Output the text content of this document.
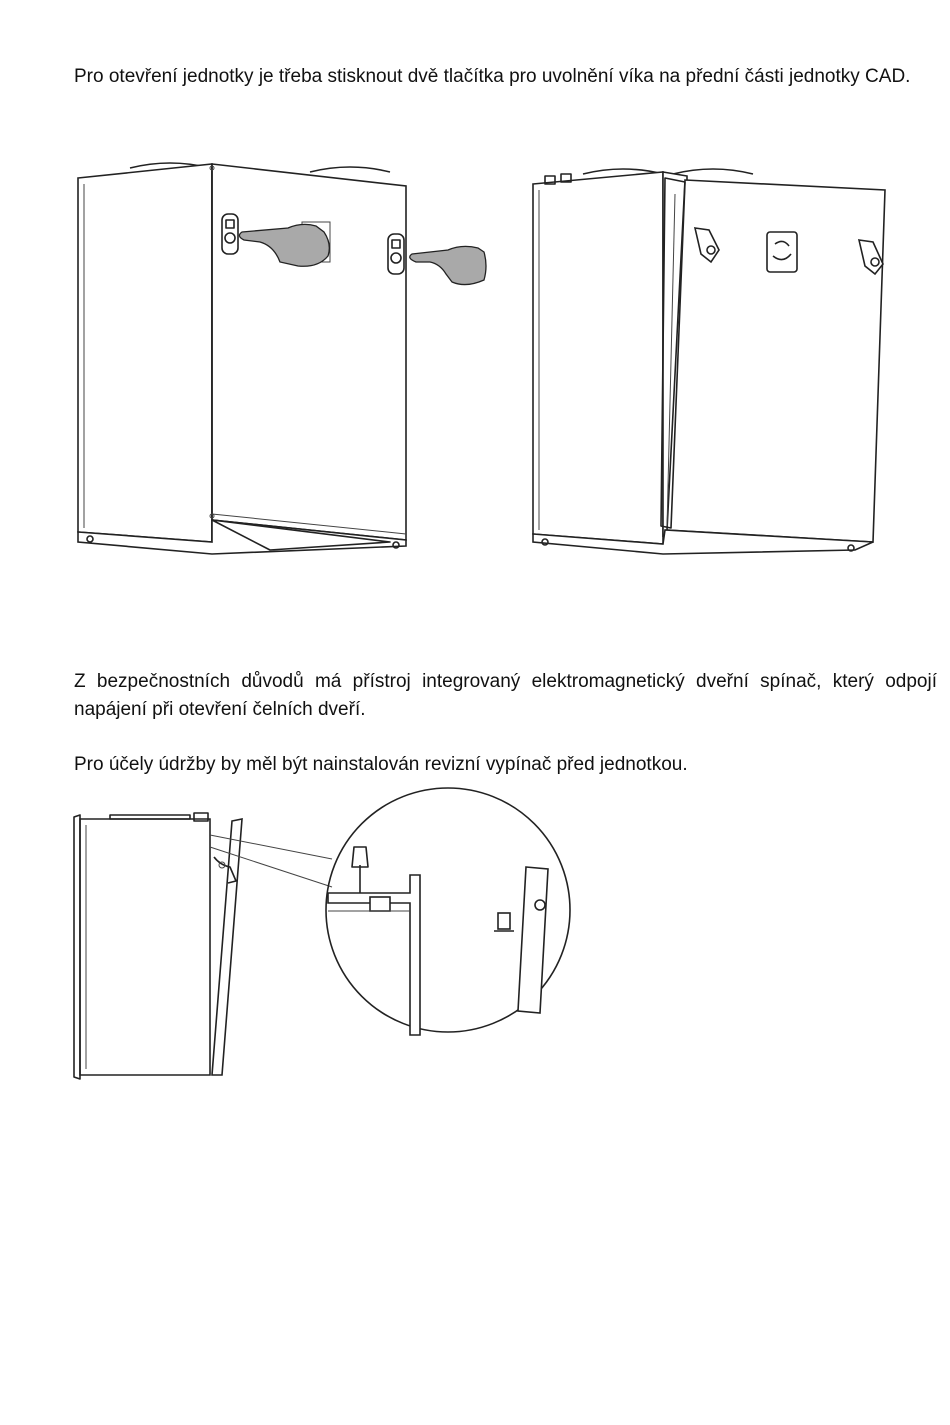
Pro otevření jednotky je třeba stisknout dvě tlačítka pro uvolnění víka na přední části jednotky CAD.

Z bezpečnostních důvodů má přístroj integrovaný elektromagnetický dveřní spínač, který odpojí napájení při otevření čelních dveří.

Pro účely údržby by měl být nainstalován revizní vypínač před jednotkou.
